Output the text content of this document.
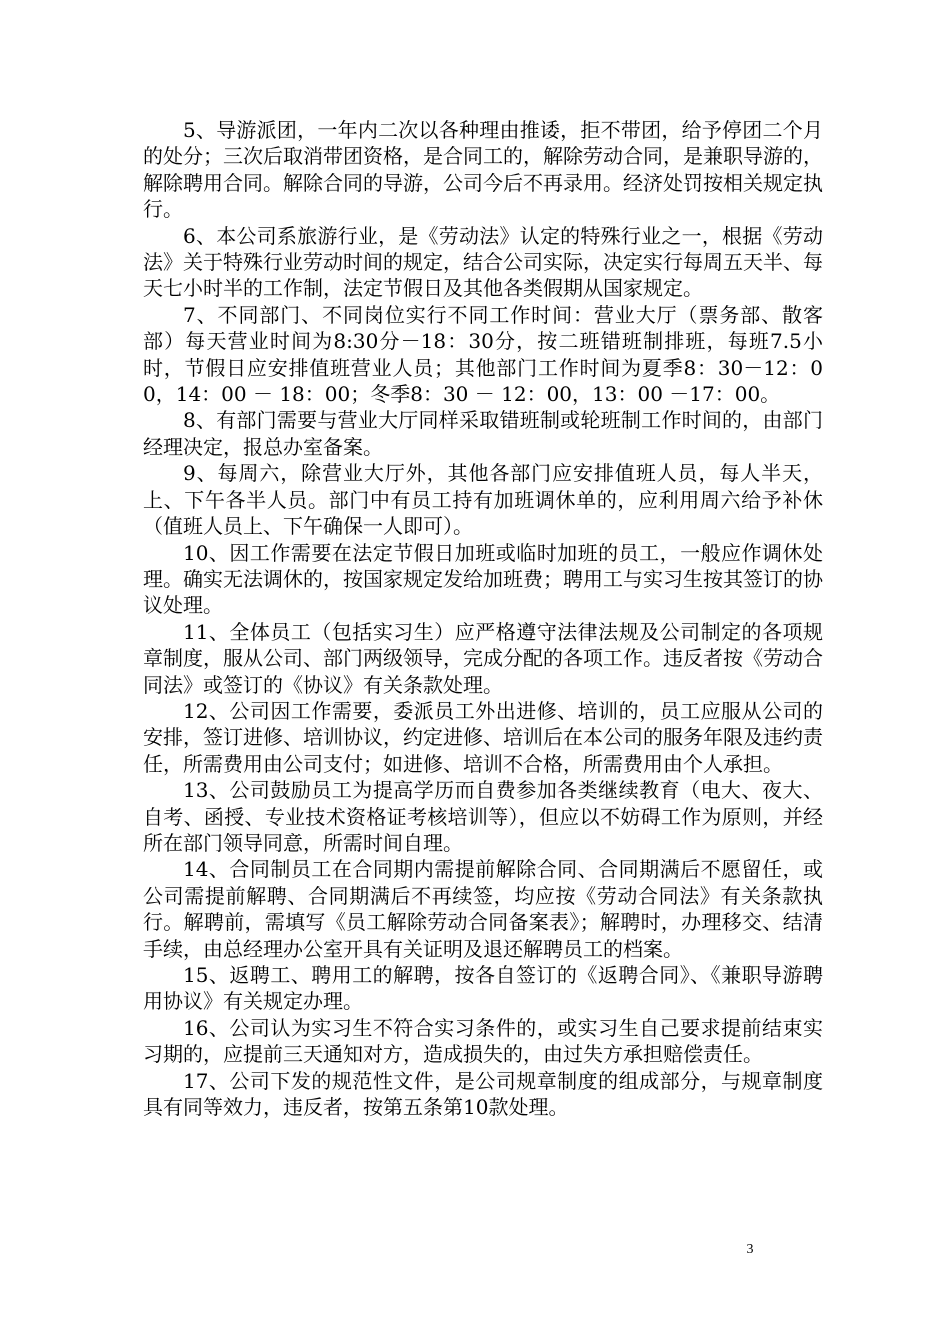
5、导游派团，一年内二次以各种理由推诿，拒不带团，给予停团二个月的处分；三次后取消带团资格，是合同工的，解除劳动合同，是兼职导游的，解除聘用合同。解除合同的导游，公司今后不再录用。经济处罚按相关规定执行。

6、本公司系旅游行业，是《劳动法》认定的特殊行业之一，根据《劳动法》关于特殊行业劳动时间的规定，结合公司实际，决定实行每周五天半、每天七小时半的工作制，法定节假日及其他各类假期从国家规定。

7、不同部门、不同岗位实行不同工作时间：营业大厅（票务部、散客部）每天营业时间为8:30分－18：30分，按二班错班制排班，每班7.5小时，节假日应安排值班营业人员；其他部门工作时间为夏季8：30－12：00，14：00 － 18：00；冬季8：30 － 12：00，13：00 －17：00。

8、有部门需要与营业大厅同样采取错班制或轮班制工作时间的，由部门经理决定，报总办室备案。

9、每周六，除营业大厅外，其他各部门应安排值班人员，每人半天，上、下午各半人员。部门中有员工持有加班调休单的，应利用周六给予补休（值班人员上、下午确保一人即可）。

10、因工作需要在法定节假日加班或临时加班的员工，一般应作调休处理。确实无法调休的，按国家规定发给加班费；聘用工与实习生按其签订的协议处理。

11、全体员工（包括实习生）应严格遵守法律法规及公司制定的各项规章制度，服从公司、部门两级领导，完成分配的各项工作。违反者按《劳动合同法》或签订的《协议》有关条款处理。

12、公司因工作需要，委派员工外出进修、培训的，员工应服从公司的安排，签订进修、培训协议，约定进修、培训后在本公司的服务年限及违约责任，所需费用由公司支付；如进修、培训不合格，所需费用由个人承担。

13、公司鼓励员工为提高学历而自费参加各类继续教育（电大、夜大、自考、函授、专业技术资格证考核培训等），但应以不妨碍工作为原则，并经所在部门领导同意，所需时间自理。

14、合同制员工在合同期内需提前解除合同、合同期满后不愿留任，或公司需提前解聘、合同期满后不再续签，均应按《劳动合同法》有关条款执行。解聘前，需填写《员工解除劳动合同备案表》；解聘时，办理移交、结清手续，由总经理办公室开具有关证明及退还解聘员工的档案。

15、返聘工、聘用工的解聘，按各自签订的《返聘合同》、《兼职导游聘用协议》有关规定办理。

16、公司认为实习生不符合实习条件的，或实习生自己要求提前结束实习期的，应提前三天通知对方，造成损失的，由过失方承担赔偿责任。

17、公司下发的规范性文件，是公司规章制度的组成部分，与规章制度具有同等效力，违反者，按第五条第10款处理。

3
